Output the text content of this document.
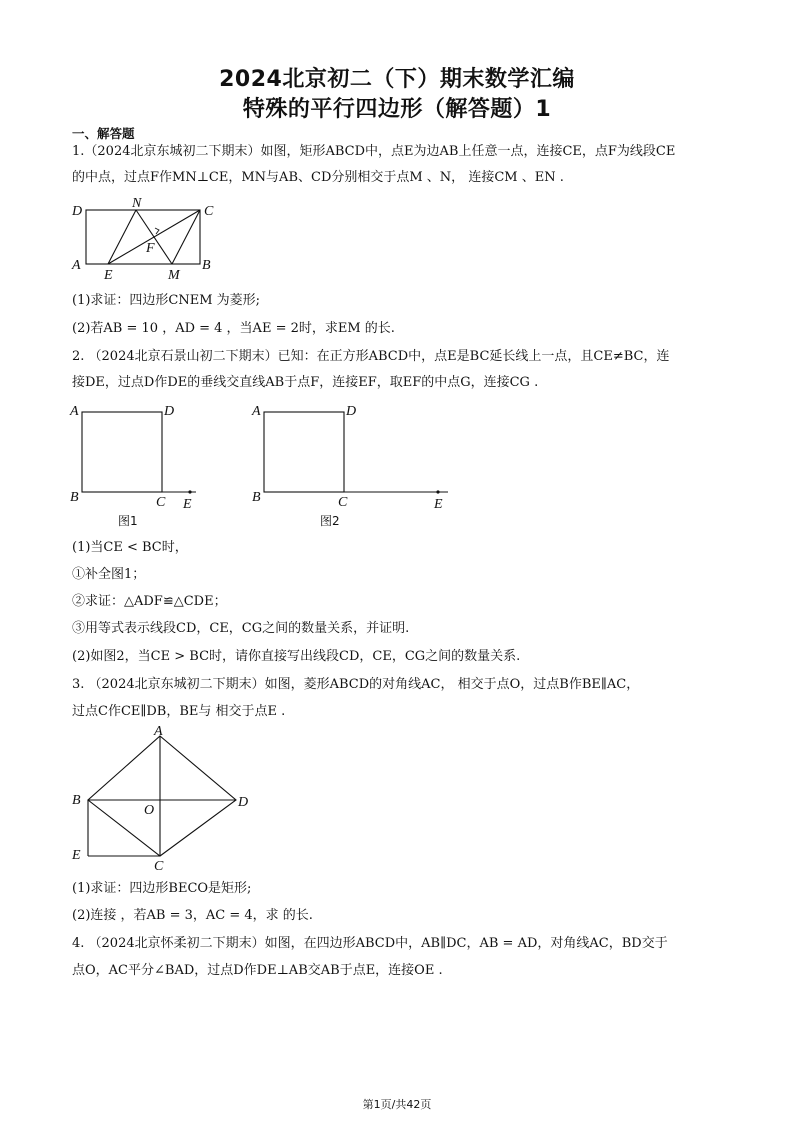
2024北京初二（下）期末数学汇编
特殊的平行四边形（解答题）1
一、解答题
1.（2024北京东城初二下期末）如图，矩形ABCD中，点E为边AB上任意一点，连接CE，点F为线段CE
的中点，过点F作MN⊥CE，MN与AB、CD分别相交于点M 、N， 连接CM 、EN .
D
N
C
F
A
E	M
B
(1)求证：四边形CNEM 为菱形;
(2)若AB = 10 ，AD = 4 ，当AE = 2时，求EM 的长.
2. （2024北京石景山初二下期末）已知：在正方形ABCD中，点E是BC延长线上一点，且CE≠BC，连
接DE，过点D作DE的垂线交直线AB于点F，连接EF，取EF的中点G，连接CG .
A	D
B	C E
图1
A	D
B	C	E
图2
(1)当CE < BC时，
①补全图1；
②求证：△ADF≌△CDE；
③用等式表示线段CD，CE，CG之间的数量关系，并证明.
(2)如图2，当CE > BC时，请你直接写出线段CD，CE，CG之间的数量关系.
3. （2024北京东城初二下期末）如图，菱形ABCD的对角线AC， 相交于点O，过点B作BE∥AC，
过点C作CE∥DB，BE与 相交于点E .
A
B
O
D
E
C
(1)求证：四边形BECO是矩形;
(2)连接 ，若AB = 3，AC = 4，求 的长.
4. （2024北京怀柔初二下期末）如图，在四边形ABCD中，AB∥DC，AB = AD，对角线AC，BD交于
点O，AC平分∠BAD，过点D作DE⊥AB交AB于点E，连接OE .
第1页/共42页
